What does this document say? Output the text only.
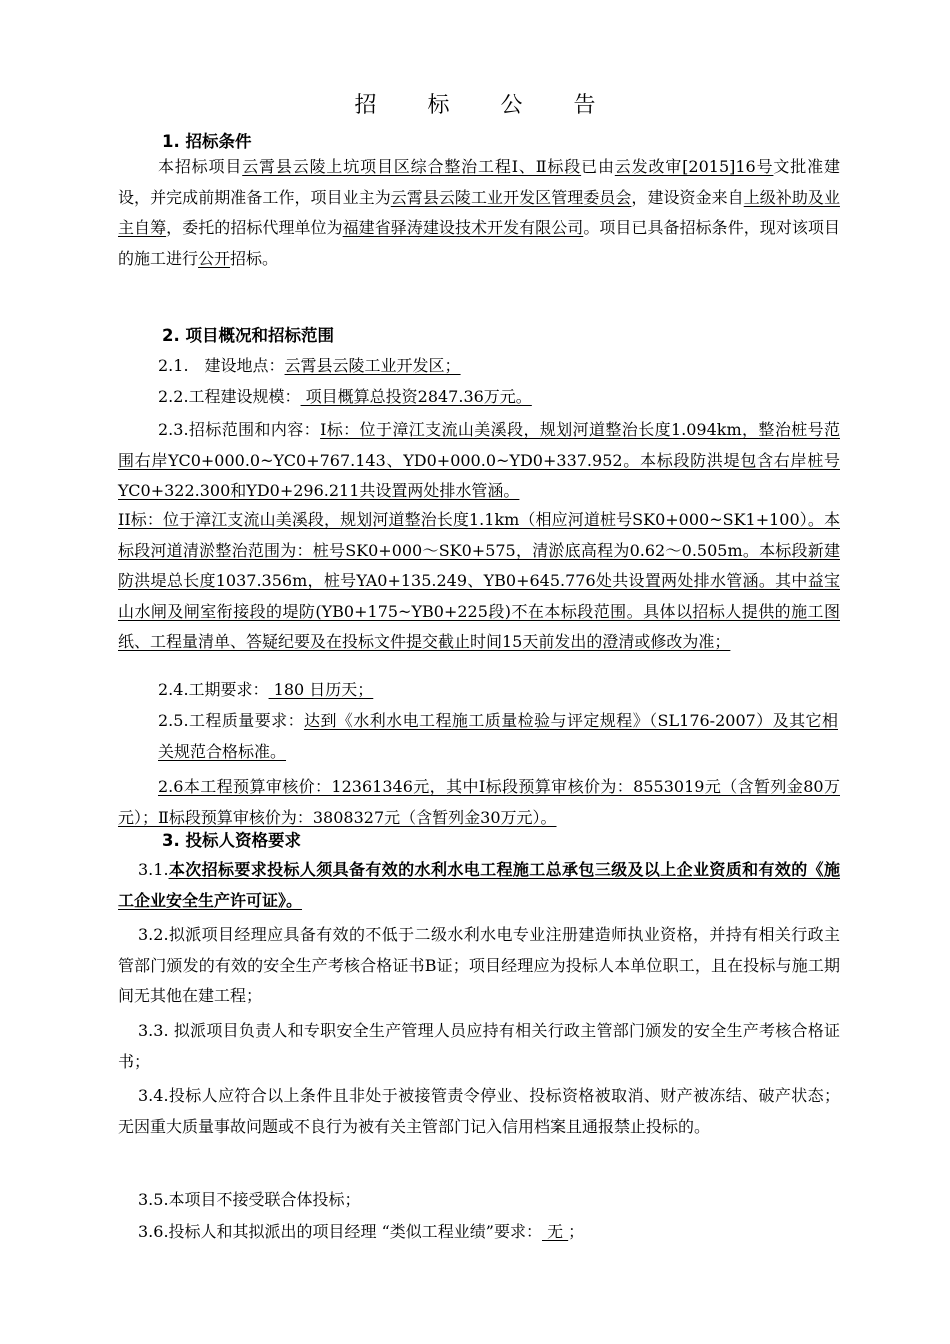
招 标 公 告
1. 招标条件
本招标项目云霄县云陵上坑项目区综合整治工程Ⅰ、Ⅱ标段已由云发改审[2015]16号文批准建设，并完成前期准备工作，项目业主为云霄县云陵工业开发区管理委员会，建设资金来自上级补助及业主自筹，委托的招标代理单位为福建省驿涛建设技术开发有限公司。项目已具备招标条件，现对该项目的施工进行公开招标。
2. 项目概况和招标范围
2.1.　建设地点：云霄县云陵工业开发区；
2.2.工程建设规模： 项目概算总投资2847.36万元。
2.3.招标范围和内容：Ⅰ标：位于漳江支流山美溪段，规划河道整治长度1.094km，整治桩号范围右岸YC0+000.0~YC0+767.143、YD0+000.0~YD0+337.952。本标段防洪堤包含右岸桩号YC0+322.300和YD0+296.211共设置两处排水管涵。
II标：位于漳江支流山美溪段，规划河道整治长度1.1km（相应河道桩号SK0+000~SK1+100）。本标段河道清淤整治范围为：桩号SK0+000～SK0+575，清淤底高程为0.62～0.505m。本标段新建防洪堤总长度1037.356m，桩号YA0+135.249、YB0+645.776处共设置两处排水管涵。其中益宝山水闸及闸室衔接段的堤防(YB0+175~YB0+225段)不在本标段范围。具体以招标人提供的施工图纸、工程量清单、答疑纪要及在投标文件提交截止时间15天前发出的澄清或修改为准；
2.4.工期要求： 180 日历天；
2.5.工程质量要求：达到《水利水电工程施工质量检验与评定规程》（SL176-2007）及其它相关规范合格标准。
2.6本工程预算审核价：12361346元，其中Ⅰ标段预算审核价为：8553019元（含暂列金80万元）；Ⅱ标段预算审核价为：3808327元（含暂列金30万元）。
3. 投标人资格要求
3.1.本次招标要求投标人须具备有效的水利水电工程施工总承包三级及以上企业资质和有效的《施工企业安全生产许可证》。
3.2.拟派项目经理应具备有效的不低于二级水利水电专业注册建造师执业资格，并持有相关行政主管部门颁发的有效的安全生产考核合格证书B证；项目经理应为投标人本单位职工，且在投标与施工期间无其他在建工程；
3.3. 拟派项目负责人和专职安全生产管理人员应持有相关行政主管部门颁发的安全生产考核合格证书；
3.4.投标人应符合以上条件且非处于被接管责令停业、投标资格被取消、财产被冻结、破产状态；无因重大质量事故问题或不良行为被有关主管部门记入信用档案且通报禁止投标的。
3.5.本项目不接受联合体投标；
3.6.投标人和其拟派出的项目经理 “类似工程业绩”要求： 无 ；
